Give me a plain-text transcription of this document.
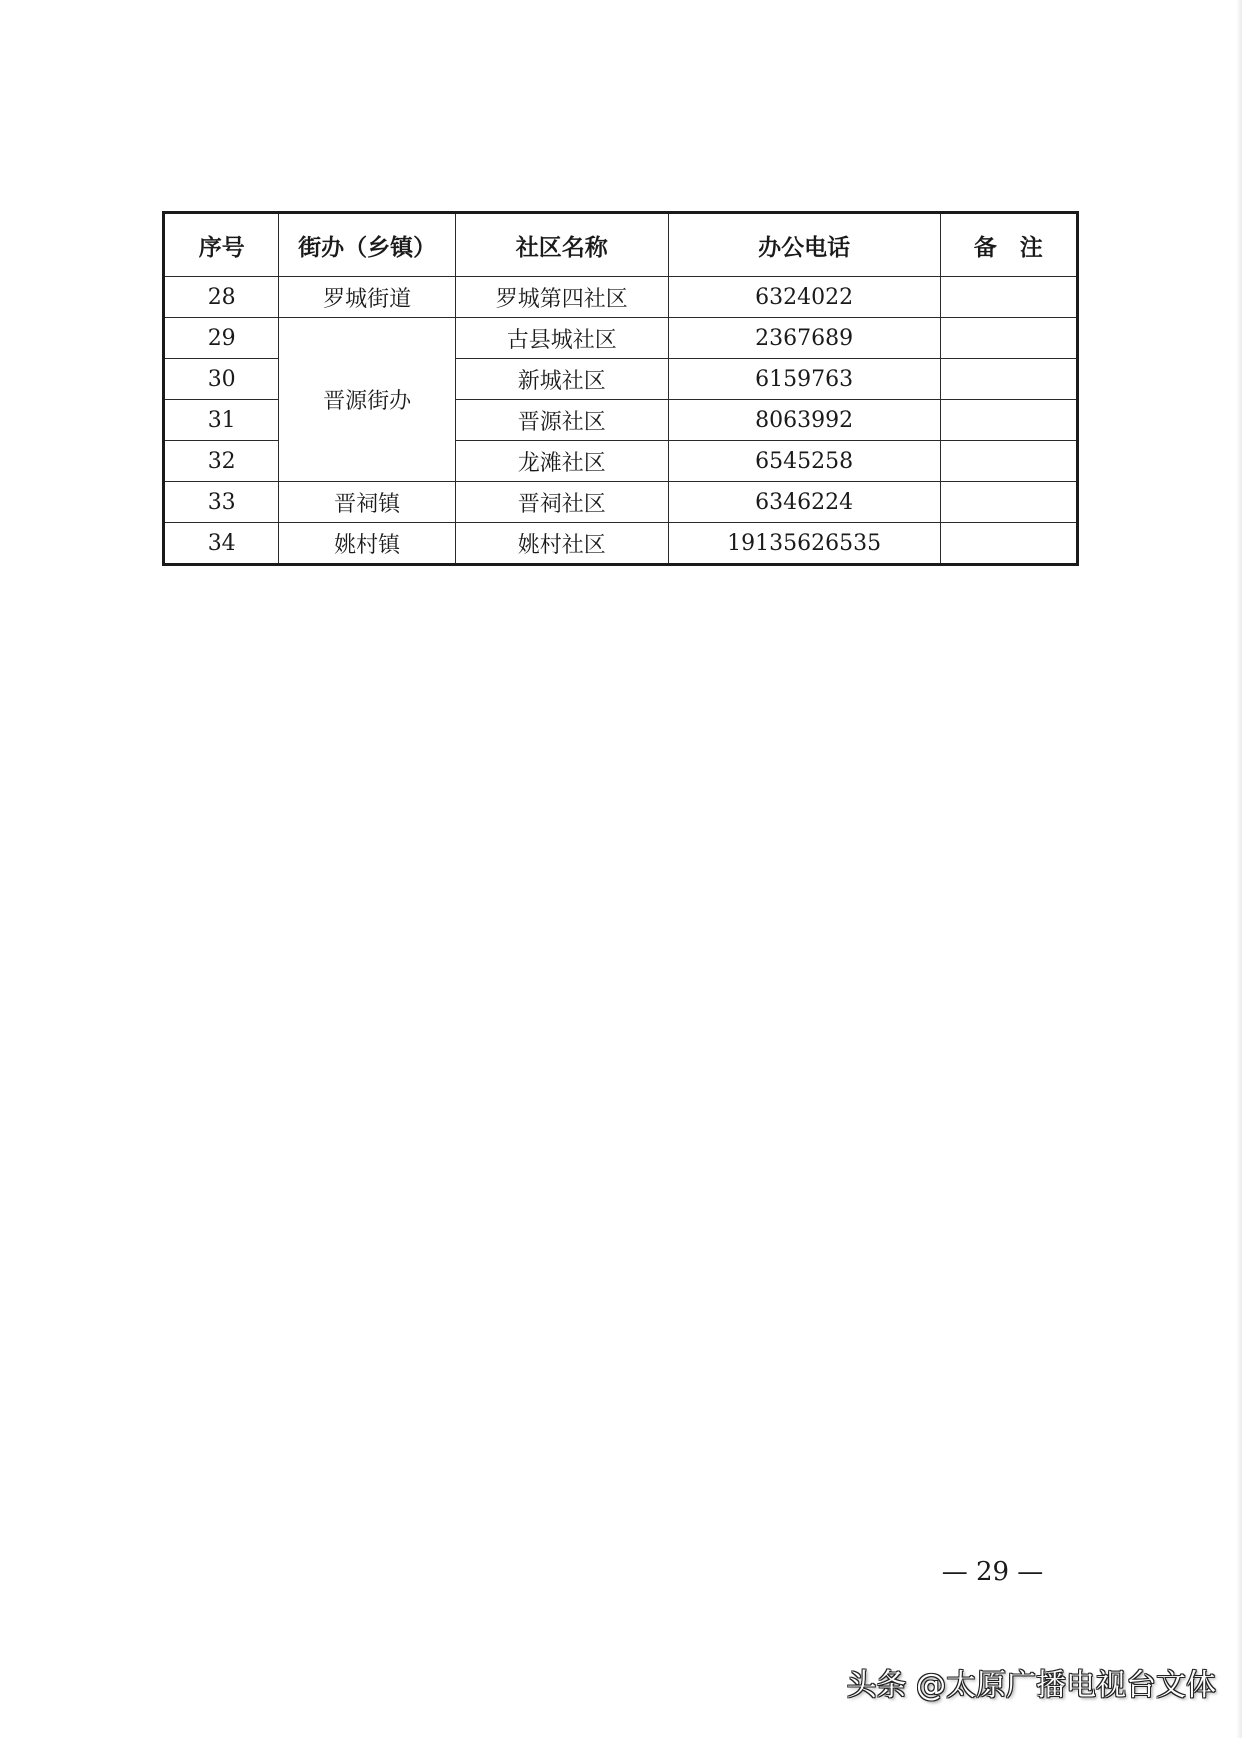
序号	街办（乡镇）	社区名称	办公电话	备　注
28	罗城街道	罗城第四社区	6324022	
29	晋源街办	古县城社区	2367689	
30		新城社区	6159763	
31		晋源社区	8063992	
32		龙滩社区	6545258	
33	晋祠镇	晋祠社区	6346224	
34	姚村镇	姚村社区	19135626535	
— 29 —
头条 @太原广播电视台文体
